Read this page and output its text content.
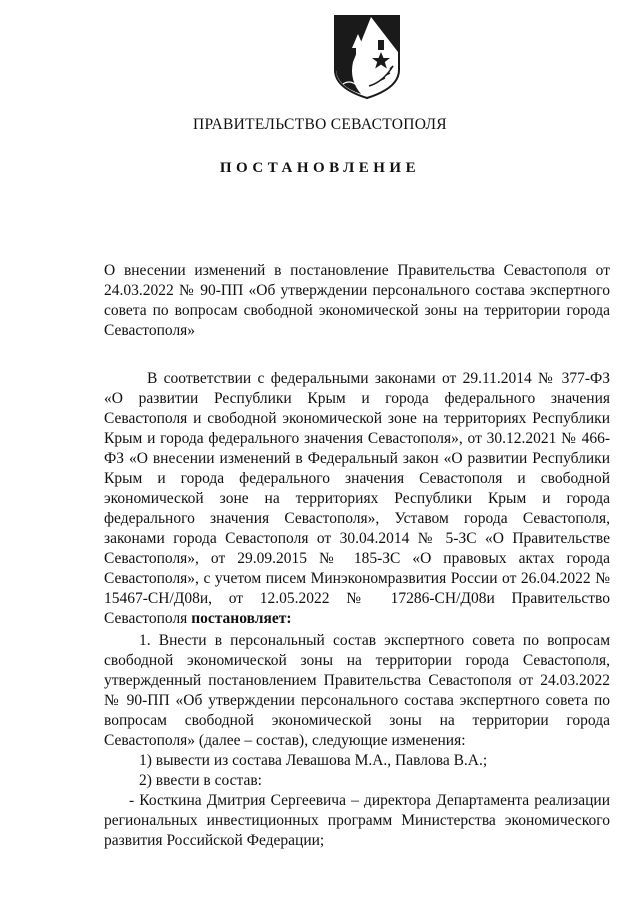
ПРАВИТЕЛЬСТВО СЕВАСТОПОЛЯ
ПОСТАНОВЛЕНИЕ
О внесении изменений в постановление Правительства Севастополя от 24.03.2022 № 90-ПП «Об утверждении персонального состава экспертного совета по вопросам свободной экономической зоны на территории города Севастополя»

В соответствии с федеральными законами от 29.11.2014 № 377-ФЗ «О развитии Республики Крым и города федерального значения Севастополя и свободной экономической зоне на территориях Республики Крым и города федерального значения Севастополя», от 30.12.2021 № 466-ФЗ «О внесении изменений в Федеральный закон «О развитии Республики Крым и города федерального значения Севастополя и свободной экономической зоне на территориях Республики Крым и города федерального значения Севастополя», Уставом города Севастополя, законами города Севастополя от 30.04.2014 № 5-ЗС «О Правительстве Севастополя», от 29.09.2015 № 185-ЗС «О правовых актах города Севастополя», с учетом писем Минэкономразвития России от 26.04.2022 № 15467-СН/Д08и, от 12.05.2022 № 17286-СН/Д08и Правительство Севастополя постановляет:

1. Внести в персональный состав экспертного совета по вопросам свободной экономической зоны на территории города Севастополя, утвержденный постановлением Правительства Севастополя от 24.03.2022 № 90-ПП «Об утверждении персонального состава экспертного совета по вопросам свободной экономической зоны на территории города Севастополя» (далее – состав), следующие изменения:

1) вывести из состава Левашова М.А., Павлова В.А.;

2) ввести в состав:

- Косткина Дмитрия Сергеевича – директора Департамента реализации региональных инвестиционных программ Министерства экономического развития Российской Федерации;
